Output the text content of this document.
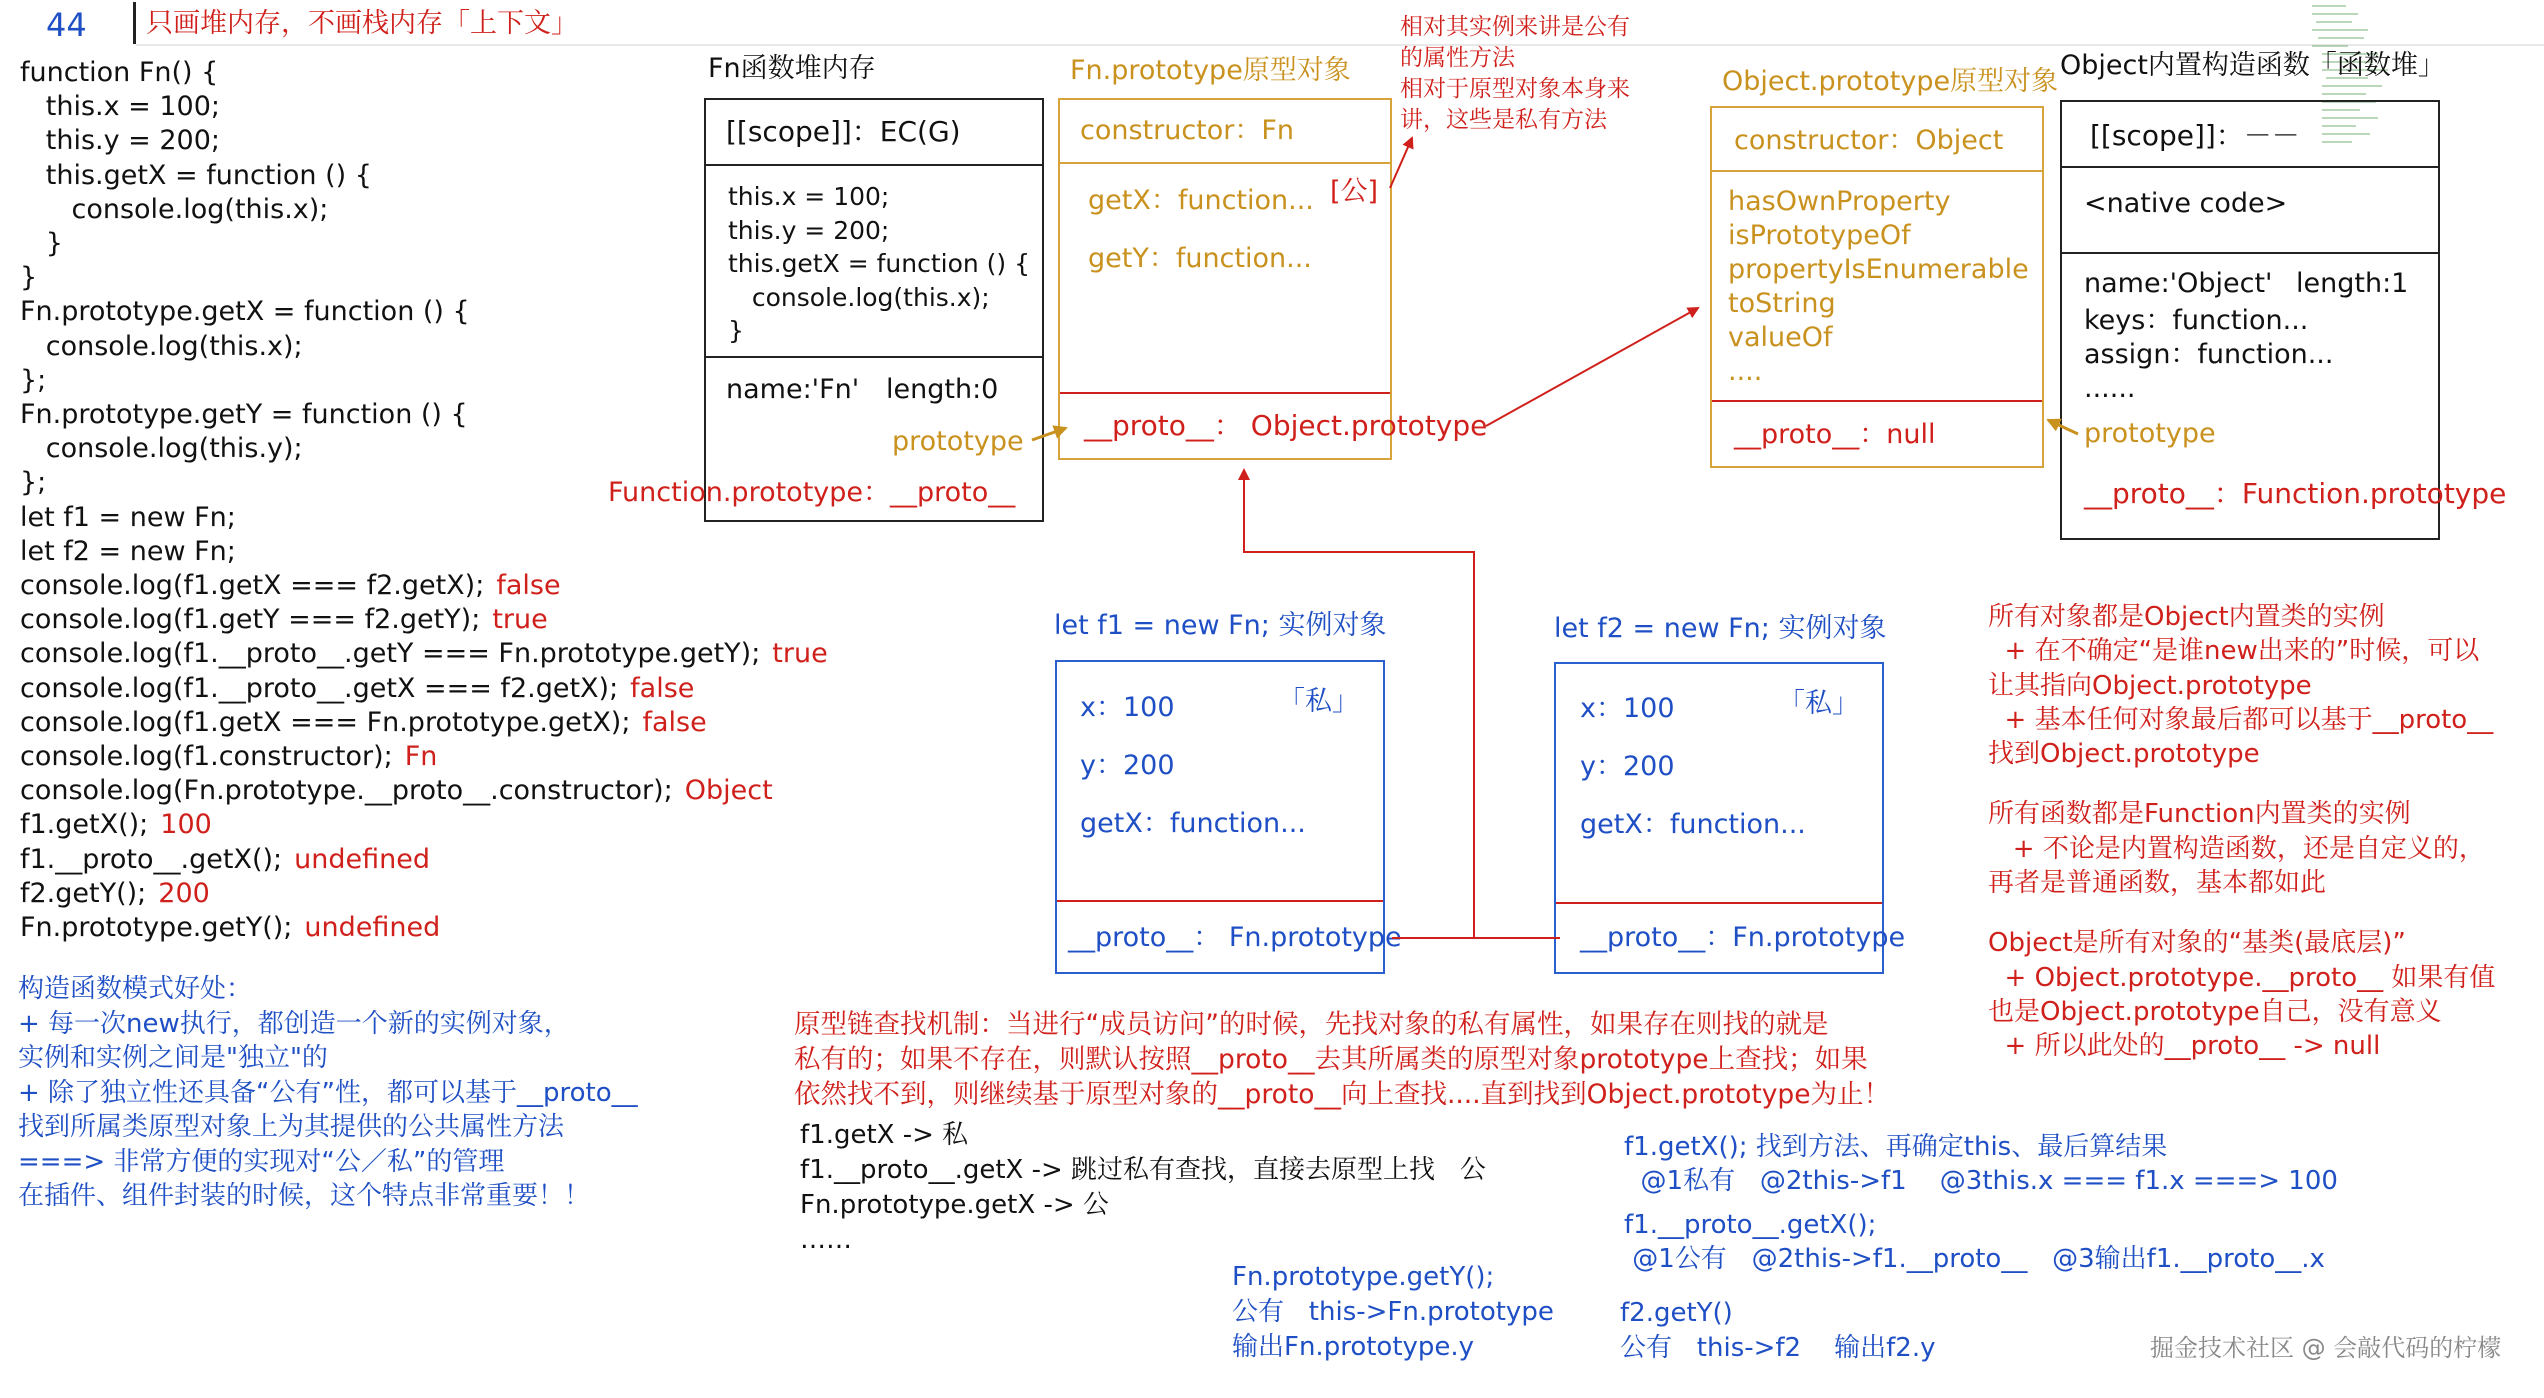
44 只画堆内存，不画栈内存「上下文」
function Fn() {
this.x = 100;
this.y = 200;
this.getX = function () {
console.log(this.x);
}
}
Fn.prototype.getX = function () {
console.log(this.x);
};
Fn.prototype.getY = function () {
console.log(this.y);
};
let f1 = new Fn;
let f2 = new Fn;
console.log(f1.getX === f2.getX); false
console.log(f1.getY === f2.getY); true
console.log(f1.__proto__.getY === Fn.prototype.getY); true
console.log(f1.__proto__.getX === f2.getX); false
console.log(f1.getX === Fn.prototype.getX); false
console.log(f1.constructor); Fn
console.log(Fn.prototype.__proto__.constructor); Object
f1.getX(); 100
f1.__proto__.getX(); undefined
f2.getY(); 200
Fn.prototype.getY(); undefined
构造函数模式好处：
+ 每一次new执行，都创造一个新的实例对象，
实例和实例之间是"独立"的
+ 除了独立性还具备“公有”性，都可以基于__proto__
找到所属类原型对象上为其提供的公共属性方法
===> 非常方便的实现对“公／私”的管理
在插件、组件封装的时候，这个特点非常重要！！
Fn函数堆内存
[[scope]]：EC(G)
this.x = 100;
this.y = 200;
this.getX = function () {
console.log(this.x);
}
name:'Fn' length:0
prototype
Function.prototype：__proto__
Fn.prototype原型对象
constructor：Fn
getX：function... [公]
getY：function...
__proto__： Object.prototype
相对其实例来讲是公有
的属性方法
相对于原型对象本身来
讲，这些是私有方法
Object.prototype原型对象
constructor：Object
hasOwnProperty
isPrototypeOf
propertyIsEnumerable
toString
valueOf
....
__proto__：null
Object内置构造函数「函数堆」
[[scope]]：－－
<native code>
name:'Object' length:1
keys：function...
assign：function...
......
prototype
__proto__：Function.prototype
let f1 = new Fn; 实例对象
x：100	「私」
y：200
getX：function...
__proto__： Fn.prototype
let f2 = new Fn; 实例对象
x：100	「私」
y：200
getX：function...
__proto__：Fn.prototype
所有对象都是Object内置类的实例
+ 在不确定“是谁new出来的”时候，可以
让其指向Object.prototype
+ 基本任何对象最后都可以基于__proto__
找到Object.prototype
所有函数都是Function内置类的实例
+ 不论是内置构造函数，还是自定义的，
再者是普通函数，基本都如此
Object是所有对象的“基类(最底层)”
+ Object.prototype.__proto__ 如果有值
也是Object.prototype自己，没有意义
+ 所以此处的__proto__ -> null
原型链查找机制：当进行“成员访问”的时候，先找对象的私有属性，如果存在则找的就是
私有的；如果不存在，则默认按照__proto__去其所属类的原型对象prototype上查找；如果
依然找不到，则继续基于原型对象的__proto__向上查找....直到找到Object.prototype为止！
f1.getX -> 私
f1.__proto__.getX -> 跳过私有查找，直接去原型上找   公
Fn.prototype.getX -> 公
……
f1.getX(); 找到方法、再确定this、最后算结果
@1私有   @2this->f1    @3this.x === f1.x ===> 100
f1.__proto__.getX();
@1公有   @2this->f1.__proto__   @3输出f1.__proto__.x
Fn.prototype.getY();
公有   this->Fn.prototype
输出Fn.prototype.y
f2.getY()
公有   this->f2    输出f2.y	掘金技术社区 @ 会敲代码的柠檬
